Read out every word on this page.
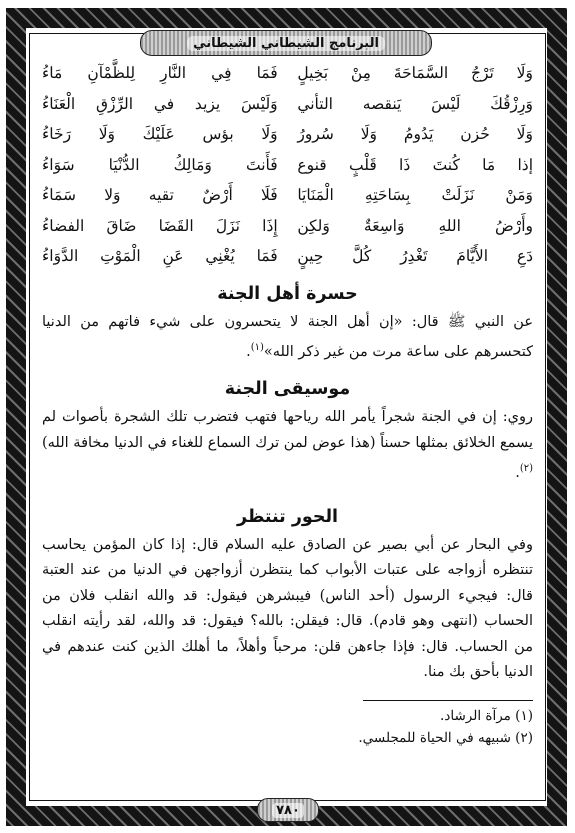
البرنامج الشيطاني الشيطاني
وَلَا تَرْجُ السَّمَاحَةَ مِنْ بَخِيلٍ
فَمَا فِي النَّارِ لِلظَّمْآنِ مَاءُ
وَرِزْقُكَ لَيْسَ يَنقصه التأني
وَلَيْسَ يزيد في الرِّزْقِ الْعَنَاءُ
وَلَا حُزن يَدُومُ وَلَا سُرورُ
وَلَا بؤس عَلَيْكَ وَلَا رَخَاءُ
إذا مَا كُنتَ ذَا قَلْبٍ قنوع
فَأَنتَ وَمَالِكُ الدُّنْيَا سَوَاءُ
وَمَنْ نَزَلَتْ بِسَاحَتِهِ الْمَنَايَا
فَلَا أَرْضٌ تقيه وَلا سَمَاءُ
وأَرْضُ اللهِ وَاسِعَةٌ وَلكِن
إِذَا نَزَلَ القَضَا ضَاقَ الفضاءُ
دَعِ الأَيَّامَ تَغْدِرُ كُلَّ حِينٍ
فَمَا يُغْنِي عَنِ الْمَوْتِ الدَّوَاءُ
حسرة أهل الجنة

عن النبي ﷺ قال: «إن أهل الجنة لا يتحسرون على شيء فاتهم من الدنيا كتحسرهم على ساعة مرت من غير ذكر الله»$^{(١)}$.

موسيقى الجنة

روي: إن في الجنة شجراً يأمر الله رياحها فتهب فتضرب تلك الشجرة بأصوات لم يسمع الخلائق بمثلها حسناً (هذا عوض لمن ترك السماع للغناء في الدنيا مخافة الله)$^{(٢)}$.

الحور تنتظر

وفي البحار عن أبي بصير عن الصادق عليه السلام قال: إذا كان المؤمن يحاسب تنتظره أزواجه على عتبات الأبواب كما ينتظرن أزواجهن في الدنيا من عند العتبة قال: فيجيء الرسول (أحد الناس) فيبشرهن فيقول: قد والله انقلب فلان من الحساب (انتهى وهو قادم). قال: فيقلن: بالله؟ فيقول: قد والله، لقد رأيته انقلب من الحساب. قال: فإذا جاءهن قلن: مرحباً وأهلاً، ما أهلك الذين كنت عندهم في الدنيا بأحق بك منا.

(١) مرآة الرشاد.

(٢) شبيهه في الحياة للمجلسي.

٧٨٠
